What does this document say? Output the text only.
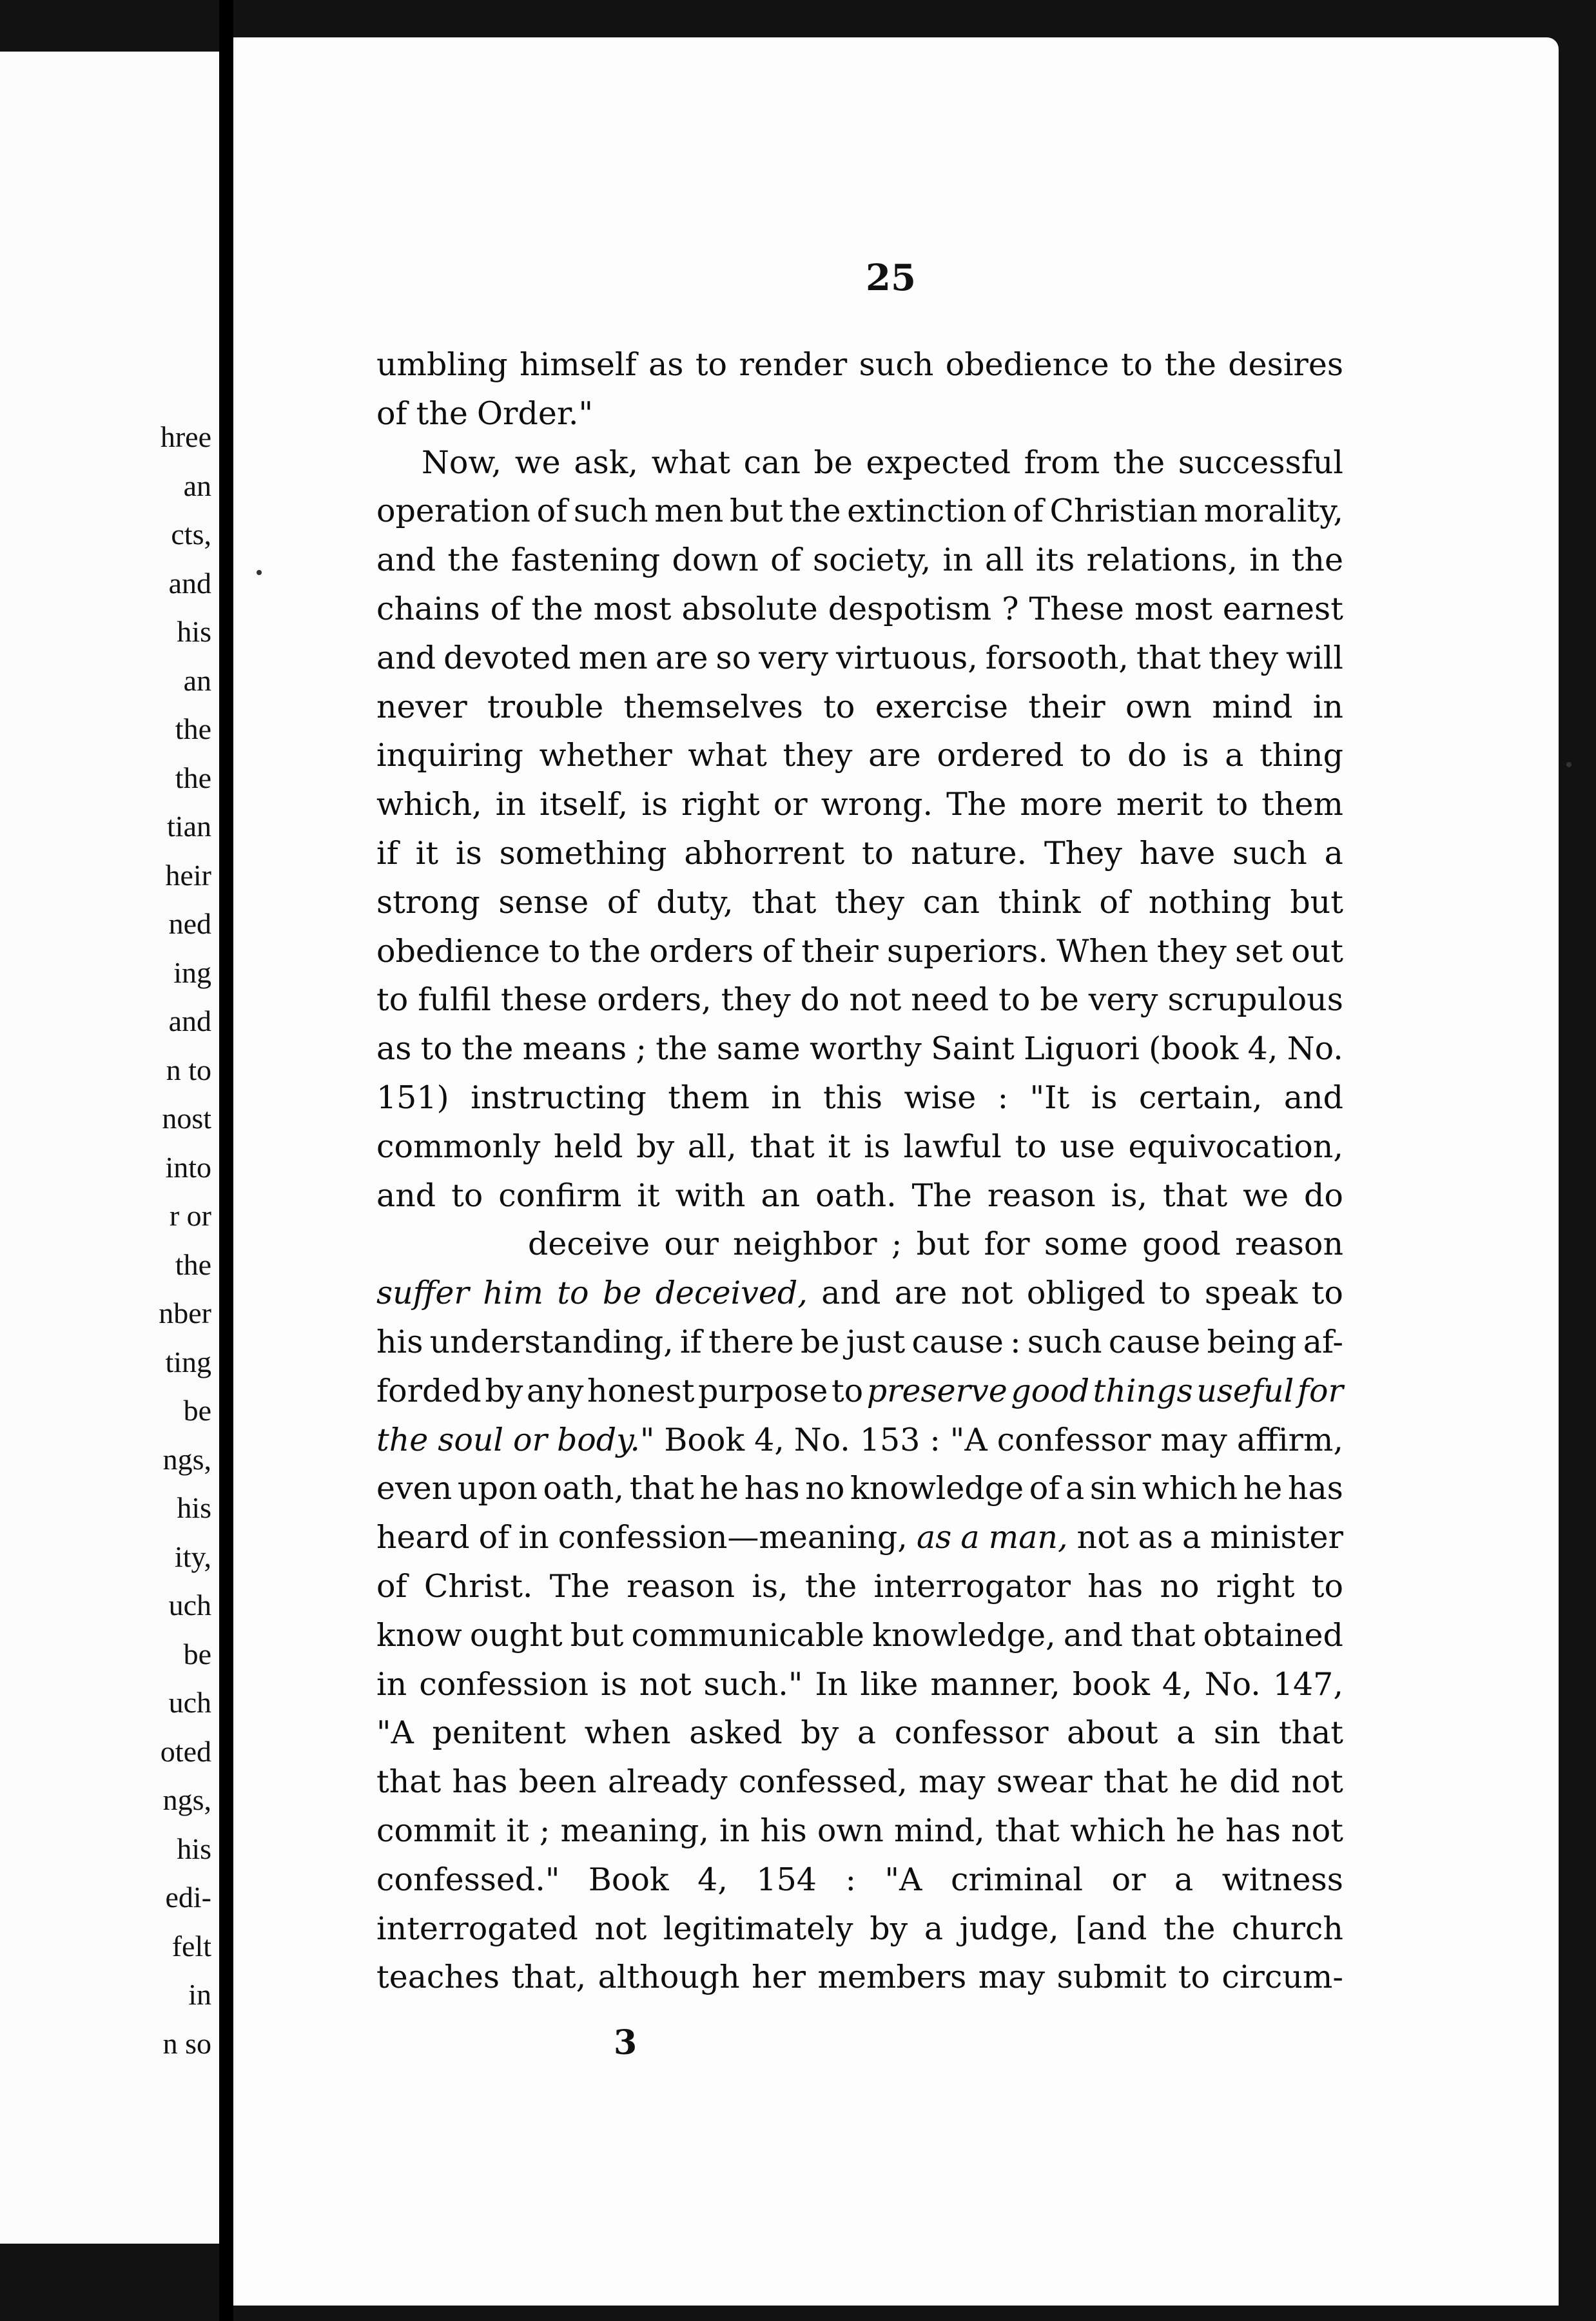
hree
an
cts,
and
his
an
the
the
tian
heir
ned
ing
and
n to
nost
into
r or
the
nber
ting
be
ngs,
his
ity,
uch
be
uch
oted
ngs,
his
edi-
felt
in
n so
25
umbling himself as to render such obedience to the desires
of the Order."
Now, we ask, what can be expected from the successful
operation of such men but the extinction of Christian morality,
and the fastening down of society, in all its relations, in the
chains of the most absolute despotism ? These most earnest
and devoted men are so very virtuous, forsooth, that they will
never trouble themselves to exercise their own mind in
inquiring whether what they are ordered to do is a thing
which, in itself, is right or wrong. The more merit to them
if it is something abhorrent to nature. They have such a
strong sense of duty, that they can think of nothing but
obedience to the orders of their superiors. When they set out
to fulfil these orders, they do not need to be very scrupulous
as to the means ; the same worthy Saint Liguori (book 4, No.
151) instructing them in this wise : "It is certain, and
commonly held by all, that it is lawful to use equivocation,
and to confirm it with an oath. The reason is, that we do
deceive our neighbor ; but for some good reason
suffer him to be deceived, and are not obliged to speak to
his understanding, if there be just cause : such cause being af-
forded by any honest purpose to preserve good things useful for
the soul or body." Book 4, No. 153 : "A confessor may affirm,
even upon oath, that he has no knowledge of a sin which he has
heard of in confession—meaning, as a man, not as a minister
of Christ. The reason is, the interrogator has no right to
know ought but communicable knowledge, and that obtained
in confession is not such." In like manner, book 4, No. 147,
"A penitent when asked by a confessor about a sin that
that has been already confessed, may swear that he did not
commit it ; meaning, in his own mind, that which he has not
confessed." Book 4, 154 : "A criminal or a witness
interrogated not legitimately by a judge, [and the church
teaches that, although her members may submit to circum-
3
